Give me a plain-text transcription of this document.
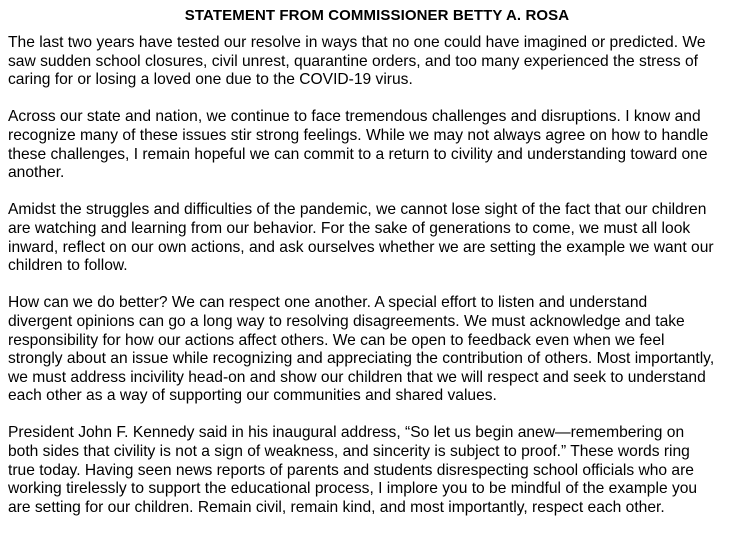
STATEMENT FROM COMMISSIONER BETTY A. ROSA
The last two years have tested our resolve in ways that no one could have imagined or predicted. We
saw sudden school closures, civil unrest, quarantine orders, and too many experienced the stress of
caring for or losing a loved one due to the COVID-19 virus.
Across our state and nation, we continue to face tremendous challenges and disruptions. I know and
recognize many of these issues stir strong feelings. While we may not always agree on how to handle
these challenges, I remain hopeful we can commit to a return to civility and understanding toward one
another.
Amidst the struggles and difficulties of the pandemic, we cannot lose sight of the fact that our children
are watching and learning from our behavior. For the sake of generations to come, we must all look
inward, reflect on our own actions, and ask ourselves whether we are setting the example we want our
children to follow.
How can we do better? We can respect one another. A special effort to listen and understand
divergent opinions can go a long way to resolving disagreements. We must acknowledge and take
responsibility for how our actions affect others. We can be open to feedback even when we feel
strongly about an issue while recognizing and appreciating the contribution of others. Most importantly,
we must address incivility head-on and show our children that we will respect and seek to understand
each other as a way of supporting our communities and shared values.
President John F. Kennedy said in his inaugural address, “So let us begin anew—remembering on
both sides that civility is not a sign of weakness, and sincerity is subject to proof.” These words ring
true today. Having seen news reports of parents and students disrespecting school officials who are
working tirelessly to support the educational process, I implore you to be mindful of the example you
are setting for our children. Remain civil, remain kind, and most importantly, respect each other.
